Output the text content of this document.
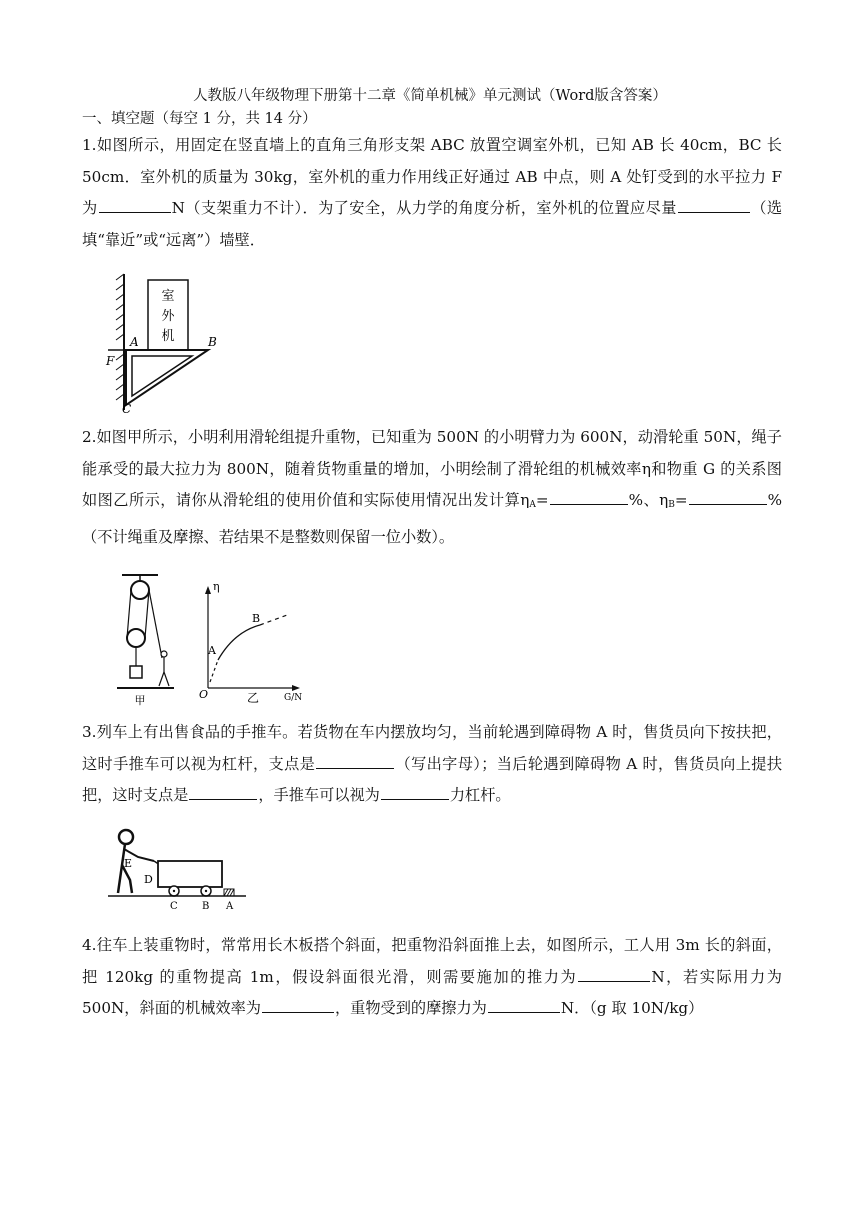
人教版八年级物理下册第十二章《简单机械》单元测试（Word版含答案）
一、填空题（每空 1 分，共 14 分）
1.如图所示，用固定在竖直墙上的直角三角形支架 ABC 放置空调室外机，已知 AB 长 40cm，BC 长 50cm．室外机的质量为 30kg，室外机的重力作用线正好通过 AB 中点，则 A 处钉受到的水平拉力 F 为	N（支架重力不计）．为了安全，从力学的角度分析，室外机的位置应尽量	（选填“靠近”或“远离”）墙壁．
室
外
机
A	B
C
F
2.如图甲所示，小明利用滑轮组提升重物，已知重为 500N 的小明臂力为 600N，动滑轮重 50N，绳子能承受的最大拉力为 800N，随着货物重量的增加，小明绘制了滑轮组的机械效率η和物重 G 的关系图如图乙所示，请你从滑轮组的使用价值和实际使用情况出发计算$\eta_A=$	%、$\eta_B=$	%（不计绳重及摩擦、若结果不是整数则保留一位小数）。
甲
η
O	G/N
乙
A
B
3.列车上有出售食品的手推车。若货物在车内摆放均匀，当前轮遇到障碍物 A 时，售货员向下按扶把，这时手推车可以视为杠杆，支点是	（写出字母）；当后轮遇到障碍物 A 时，售货员向上提扶把，这时支点是	，手推车可以视为	力杠杆。
E
D
C B A
4.往车上装重物时，常常用长木板搭个斜面，把重物沿斜面推上去，如图所示，工人用 3m 长的斜面，把 120kg 的重物提高 1m，假设斜面很光滑，则需要施加的推力为	N，若实际用力为 500N，斜面的机械效率为	，重物受到的摩擦力为	N．（g 取 10N/kg）
